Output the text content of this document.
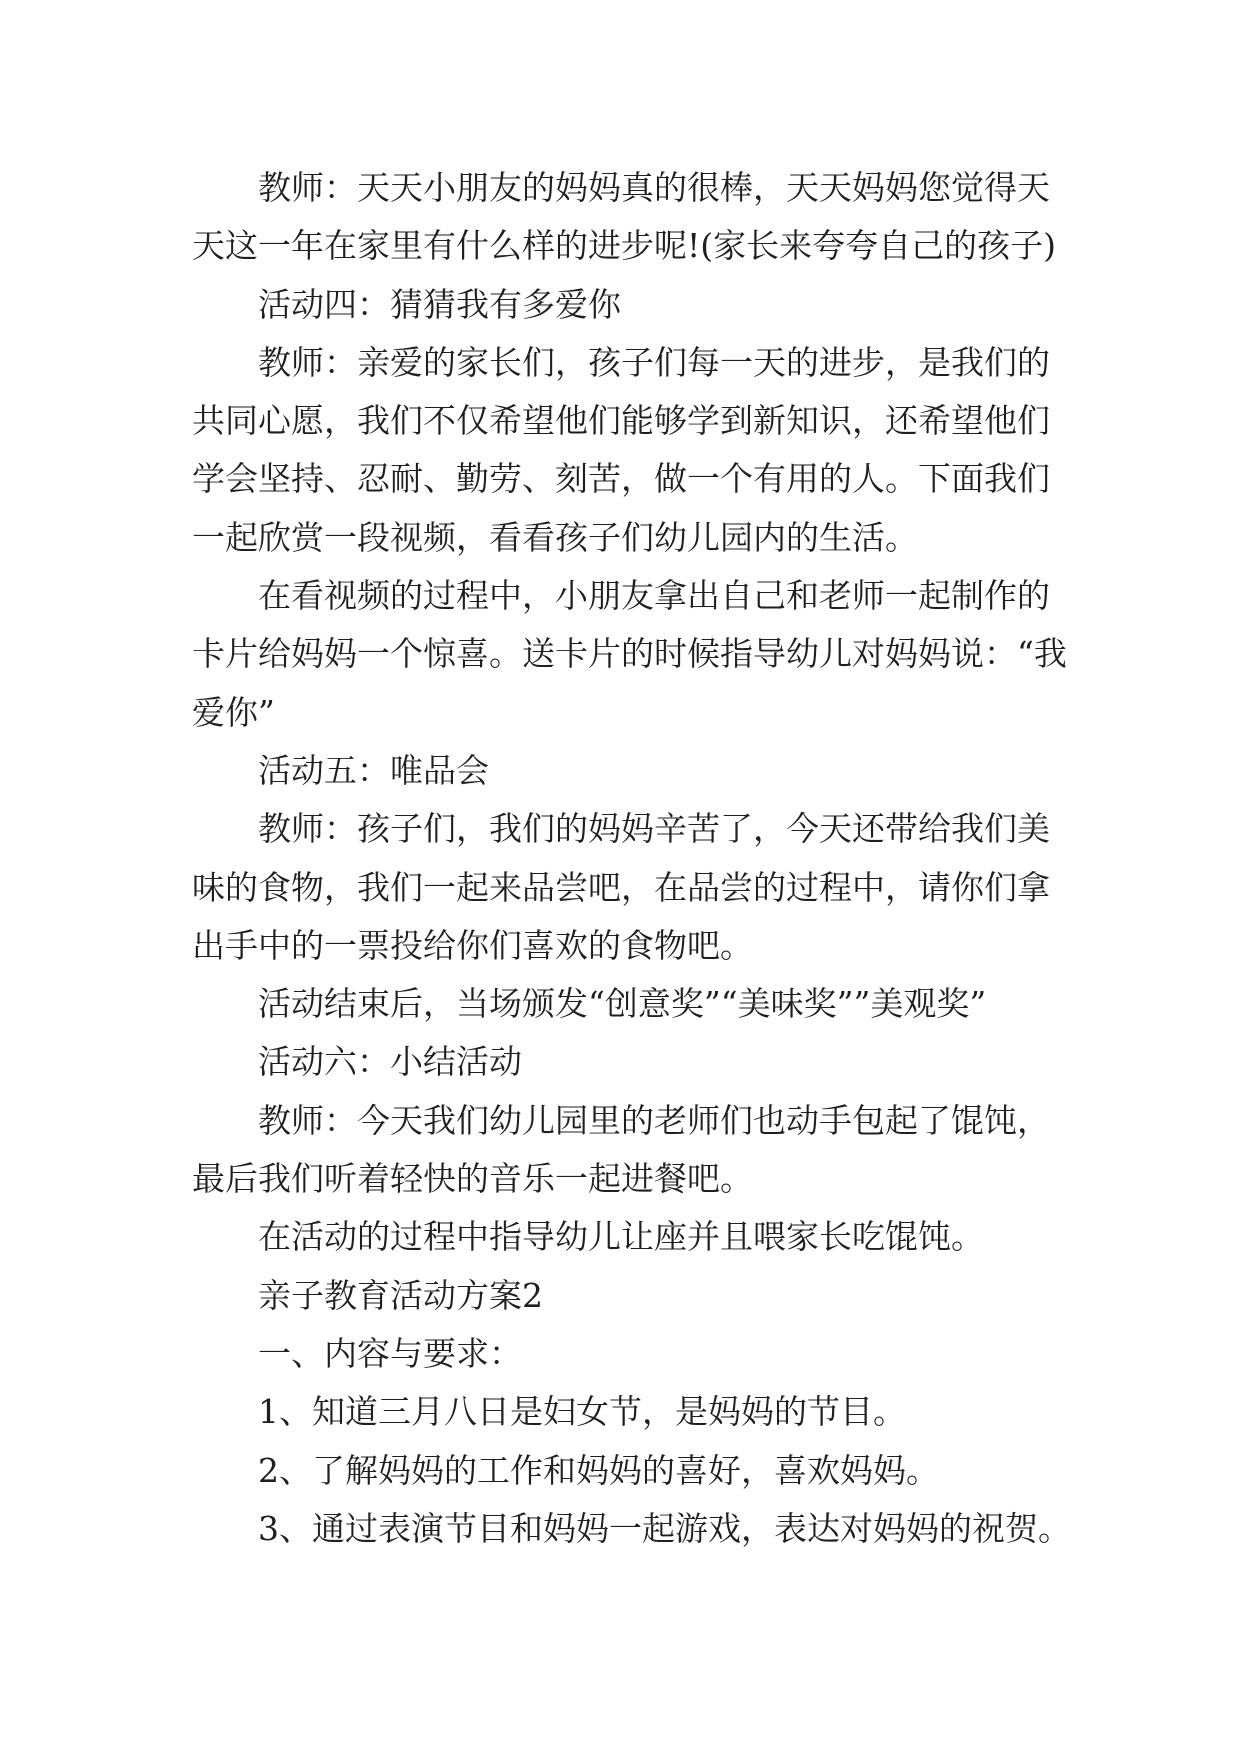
教师：天天小朋友的妈妈真的很棒，天天妈妈您觉得天天这一年在家里有什么样的进步呢!(家长来夸夸自己的孩子)

活动四：猜猜我有多爱你

教师：亲爱的家长们，孩子们每一天的进步，是我们的共同心愿，我们不仅希望他们能够学到新知识，还希望他们学会坚持、忍耐、勤劳、刻苦，做一个有用的人。下面我们一起欣赏一段视频，看看孩子们幼儿园内的生活。

在看视频的过程中，小朋友拿出自己和老师一起制作的卡片给妈妈一个惊喜。送卡片的时候指导幼儿对妈妈说：“我爱你”

活动五：唯品会

教师：孩子们，我们的妈妈辛苦了，今天还带给我们美味的食物，我们一起来品尝吧，在品尝的过程中，请你们拿出手中的一票投给你们喜欢的食物吧。

活动结束后，当场颁发“创意奖”“美味奖””美观奖”

活动六：小结活动

教师：今天我们幼儿园里的老师们也动手包起了馄饨，最后我们听着轻快的音乐一起进餐吧。

在活动的过程中指导幼儿让座并且喂家长吃馄饨。

亲子教育活动方案2

一、内容与要求：

1、知道三月八日是妇女节，是妈妈的节目。

2、了解妈妈的工作和妈妈的喜好，喜欢妈妈。

3、通过表演节目和妈妈一起游戏，表达对妈妈的祝贺。
